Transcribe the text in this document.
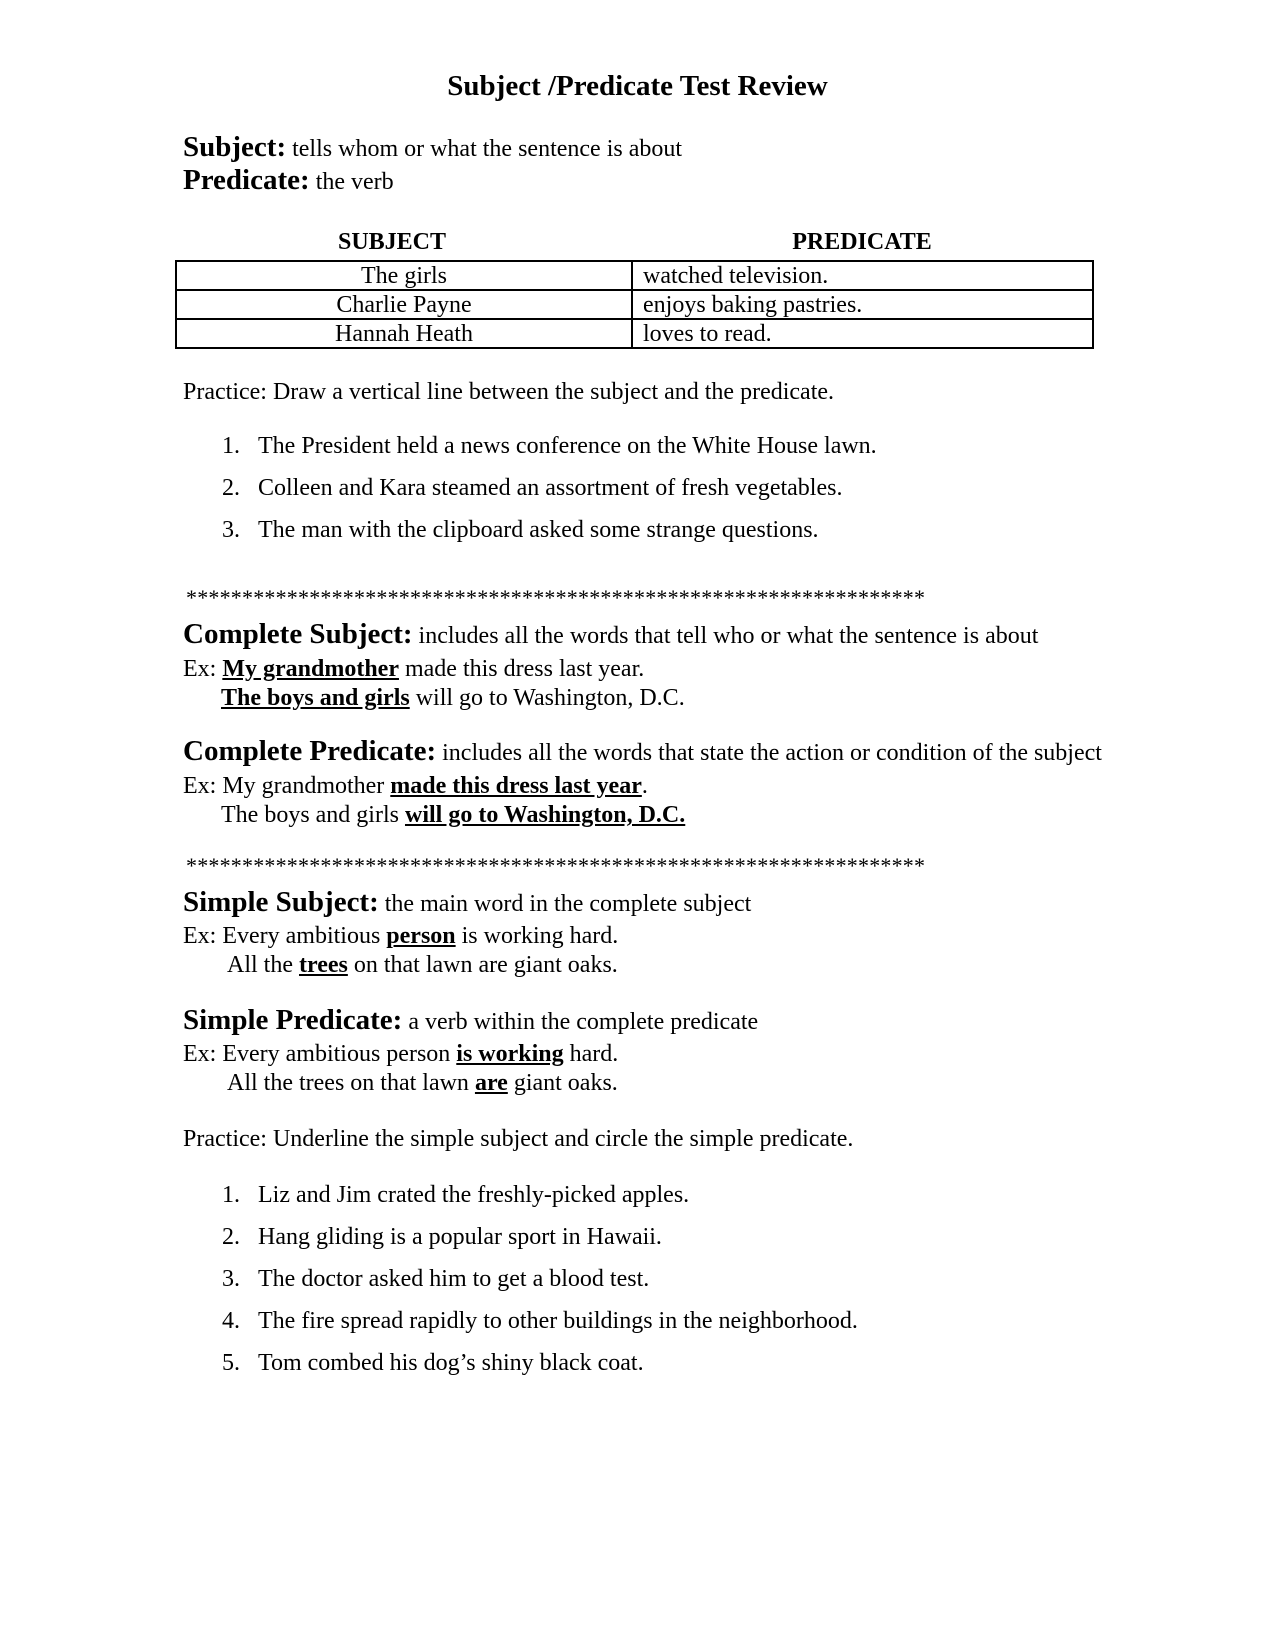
Subject /Predicate Test Review
Subject: tells whom or what the sentence is about
Predicate: the verb
SUBJECT	PREDICATE
The girls	watched television.
Charlie Payne	enjoys baking pastries.
Hannah Heath	loves to read.
Practice: Draw a vertical line between the subject and the predicate.
1. The President held a news conference on the White House lawn.
2. Colleen and Kara steamed an assortment of fresh vegetables.
3. The man with the clipboard asked some strange questions.
******************************************************************
Complete Subject: includes all the words that tell who or what the sentence is about
Ex: My grandmother made this dress last year.
The boys and girls will go to Washington, D.C.
Complete Predicate: includes all the words that state the action or condition of the subject
Ex: My grandmother made this dress last year.
The boys and girls will go to Washington, D.C.
******************************************************************
Simple Subject: the main word in the complete subject
Ex: Every ambitious person is working hard.
All the trees on that lawn are giant oaks.
Simple Predicate: a verb within the complete predicate
Ex: Every ambitious person is working hard.
All the trees on that lawn are giant oaks.
Practice: Underline the simple subject and circle the simple predicate.
1. Liz and Jim crated the freshly-picked apples.
2. Hang gliding is a popular sport in Hawaii.
3. The doctor asked him to get a blood test.
4. The fire spread rapidly to other buildings in the neighborhood.
5. Tom combed his dog’s shiny black coat.
